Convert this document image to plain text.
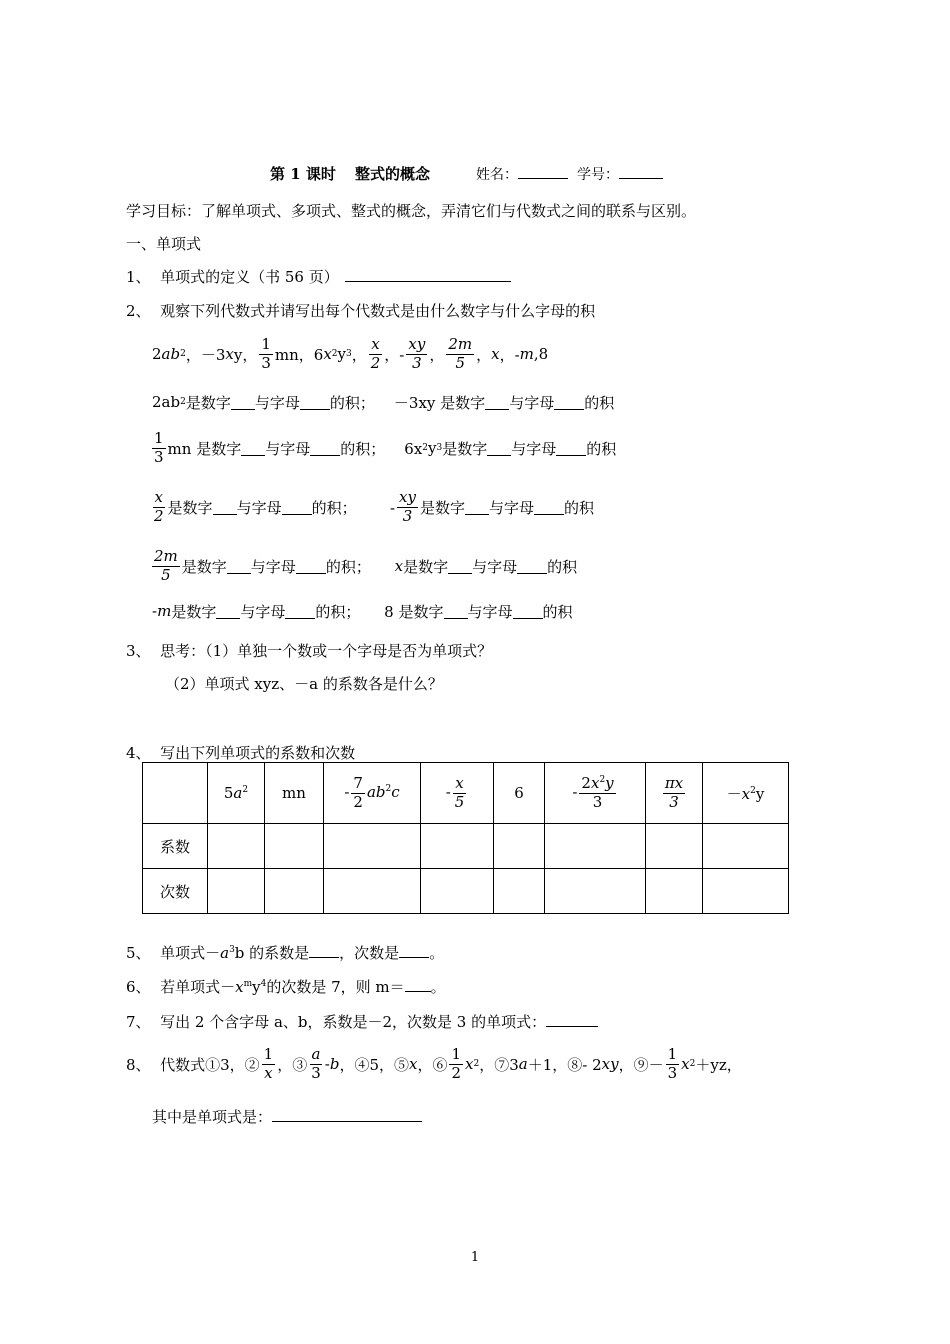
第 1 课时 整式的概念	姓名：	学号：
学习目标：了解单项式、多项式、整式的概念，弄清它们与代数式之间的联系与区别。
一、单项式
1、 单项式的定义（书 56 页）
2、 观察下列代数式并请写出每个代数式是由什么数字与什么字母的积
2 ab 2 ，－3 x y， $\frac{1}{3}$ mn，6 x 2 y 3 ， $\frac{x}{2}$ ，- $\frac{xy}{3}$ ， $\frac{2m}{5}$ ， x ，- m ,8
2ab 2 是数字 与字母 的积；    －3xy 是数字 与字母 的积
$\frac{1}{3}$ mn 是数字 与字母 的积；    6x 2 y 3 是数字 与字母 的积
$\frac{x}{2}$ 是数字 与字母 的积；       - $\frac{xy}{3}$ 是数字 与字母 的积
$\frac{2m}{5}$ 是数字 与字母 的积； x 是数字 与字母 的积
- m 是数字 与字母 的积；     8 是数字 与字母 的积
3、 思考：（1）单独一个数或一个字母是否为单项式？
（2）单项式 xyz、－a 的系数各是什么？
4、 写出下列单项式的系数和次数
	$5a^2$	mn	- $\frac{7}{2} ab^2c$	- $\frac{x}{5}$	6	- $\frac{2x^2y}{3}$	$\frac{\pi x}{3}$	$-x^2y$
系数								
次数								
5、 单项式$-a^3b$ 的系数是 ，次数是 。
6、 若单项式$-x^my^4$的次数是 7，则 m＝ 。
7、 写出 2 个含字母 a、b，系数是－2，次数是 3 的单项式：
8、
代数式①3，② $\frac{1}{x}$ ，③ $\frac{a}{3}$ - b ，④5，⑤ x ，⑥ $\frac{1}{2}$ x 2 ，⑦3 a ＋1，⑧- 2 xy ，⑨－ $\frac{1}{3}$ x 2 ＋yz，
其中是单项式是：
1
